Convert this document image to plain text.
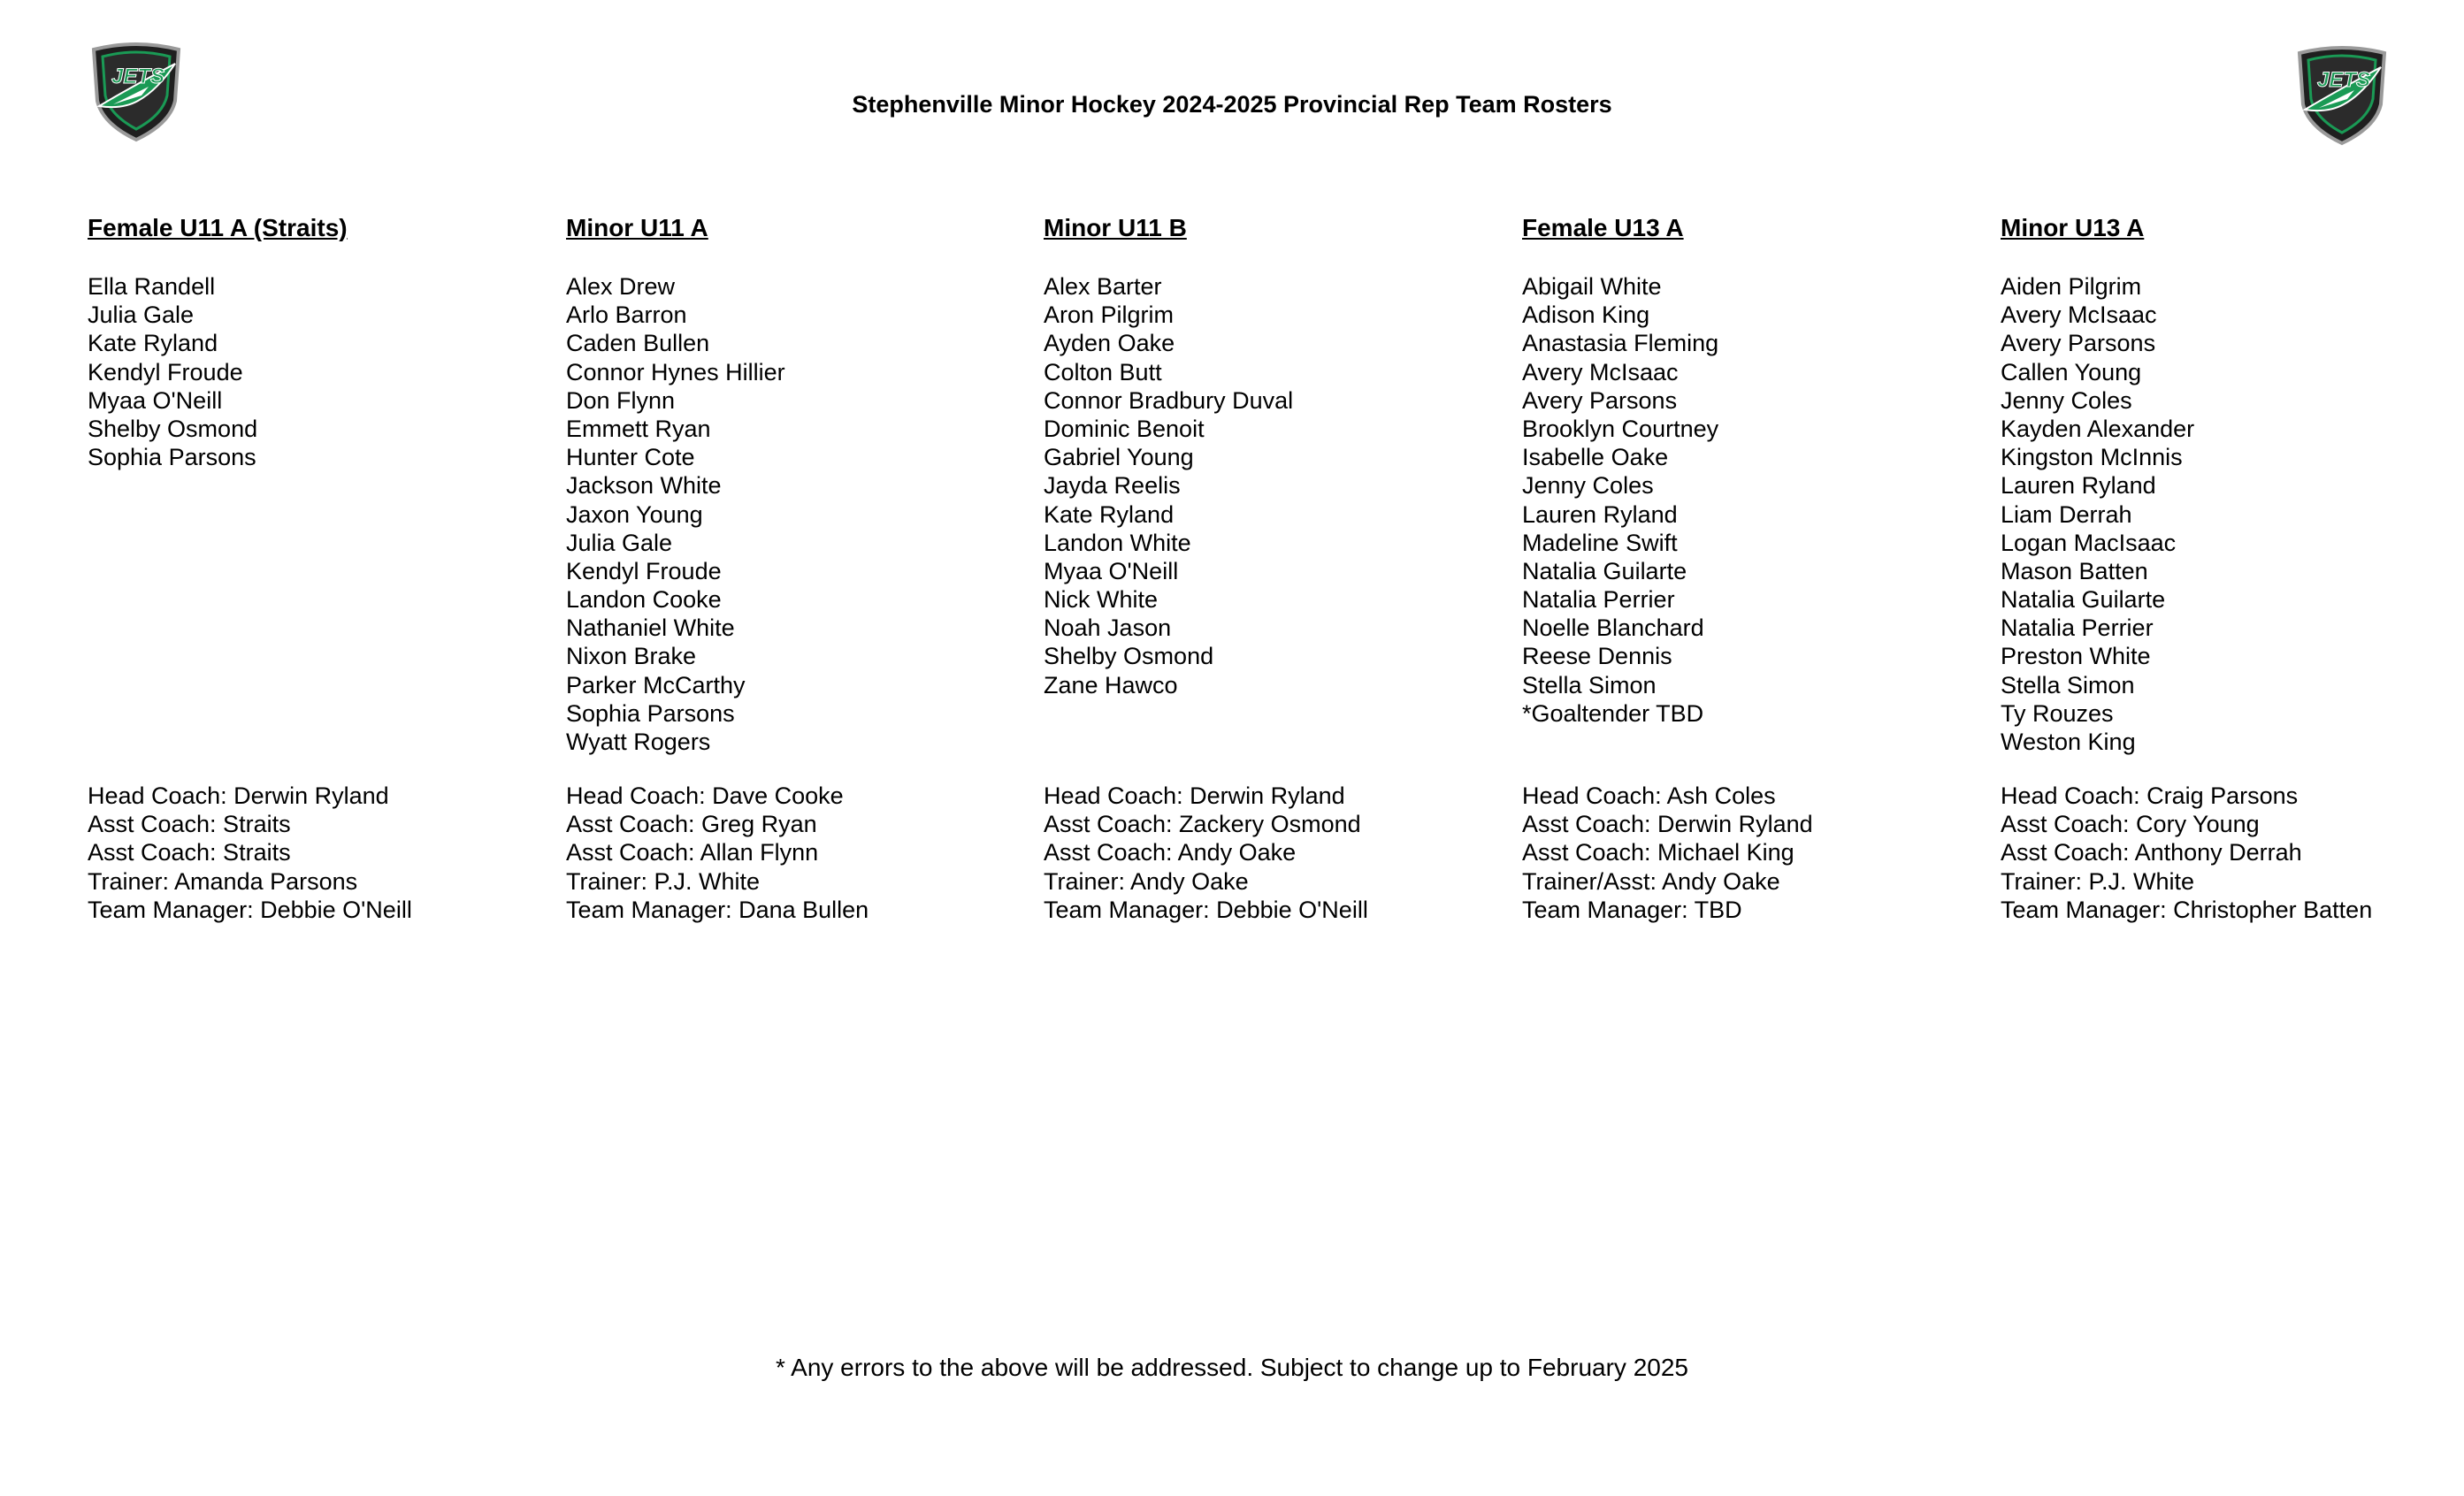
JETS	JETS
Stephenville Minor Hockey 2024-2025 Provincial Rep Team Rosters
Female U11 A (Straits)
Ella Randell
Julia Gale
Kate Ryland
Kendyl Froude
Myaa O'Neill
Shelby Osmond
Sophia Parsons
Head Coach: Derwin Ryland
Asst Coach: Straits
Asst Coach: Straits
Trainer: Amanda Parsons
Team Manager: Debbie O'Neill
Minor U11 A
Alex Drew
Arlo Barron
Caden Bullen
Connor Hynes Hillier
Don Flynn
Emmett Ryan
Hunter Cote
Jackson White
Jaxon Young
Julia Gale
Kendyl Froude
Landon Cooke
Nathaniel White
Nixon Brake
Parker McCarthy
Sophia Parsons
Wyatt Rogers
Head Coach: Dave Cooke
Asst Coach: Greg Ryan
Asst Coach: Allan Flynn
Trainer: P.J. White
Team Manager: Dana Bullen
Minor U11 B
Alex Barter
Aron Pilgrim
Ayden Oake
Colton Butt
Connor Bradbury Duval
Dominic Benoit
Gabriel Young
Jayda Reelis
Kate Ryland
Landon White
Myaa O'Neill
Nick White
Noah Jason
Shelby Osmond
Zane Hawco
Head Coach: Derwin Ryland
Asst Coach: Zackery Osmond
Asst Coach: Andy Oake
Trainer: Andy Oake
Team Manager: Debbie O'Neill
Female U13 A
Abigail White
Adison King
Anastasia Fleming
Avery McIsaac
Avery Parsons
Brooklyn Courtney
Isabelle Oake
Jenny Coles
Lauren Ryland
Madeline Swift
Natalia Guilarte
Natalia Perrier
Noelle Blanchard
Reese Dennis
Stella Simon
*Goaltender TBD
Head Coach: Ash Coles
Asst Coach: Derwin Ryland
Asst Coach: Michael King
Trainer/Asst: Andy Oake
Team Manager: TBD
Minor U13 A
Aiden Pilgrim
Avery McIsaac
Avery Parsons
Callen Young
Jenny Coles
Kayden Alexander
Kingston McInnis
Lauren Ryland
Liam Derrah
Logan MacIsaac
Mason Batten
Natalia Guilarte
Natalia Perrier
Preston White
Stella Simon
Ty Rouzes
Weston King
Head Coach: Craig Parsons
Asst Coach: Cory Young
Asst Coach: Anthony Derrah
Trainer: P.J. White
Team Manager: Christopher Batten

* Any errors to the above will be addressed. Subject to change up to February 2025
